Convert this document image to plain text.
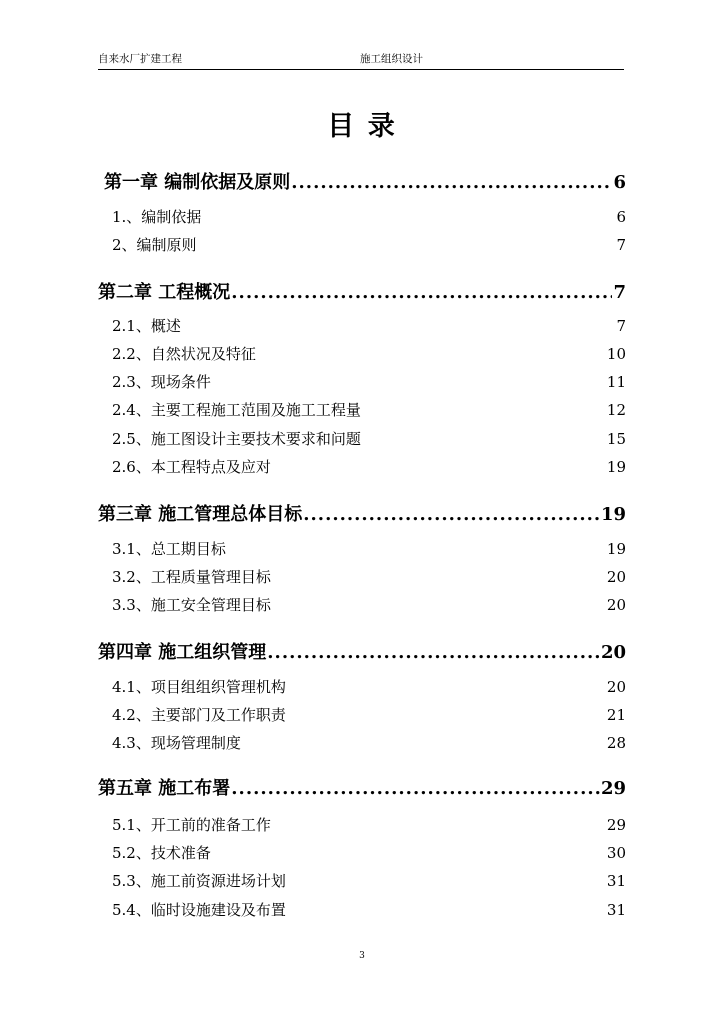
自来水厂扩建工程	施工组织设计
目 录
第一章 编制依据及原则 .....	6
1.、编制依据	6
2、编制原则	7
第二章 工程概况 .....	7
2.1、概述	7
2.2、自然状况及特征	10
2.3、现场条件	11
2.4、主要工程施工范围及施工工程量	12
2.5、施工图设计主要技术要求和问题	15
2.6、本工程特点及应对	19
第三章 施工管理总体目标 .....	19
3.1、总工期目标	19
3.2、工程质量管理目标	20
3.3、施工安全管理目标	20
第四章 施工组织管理 .....	20
4.1、项目组组织管理机构	20
4.2、主要部门及工作职责	21
4.3、现场管理制度	28
第五章 施工布署 .....	29
5.1、开工前的准备工作	29
5.2、技术准备	30
5.3、施工前资源进场计划	31
5.4、临时设施建设及布置	31
3
